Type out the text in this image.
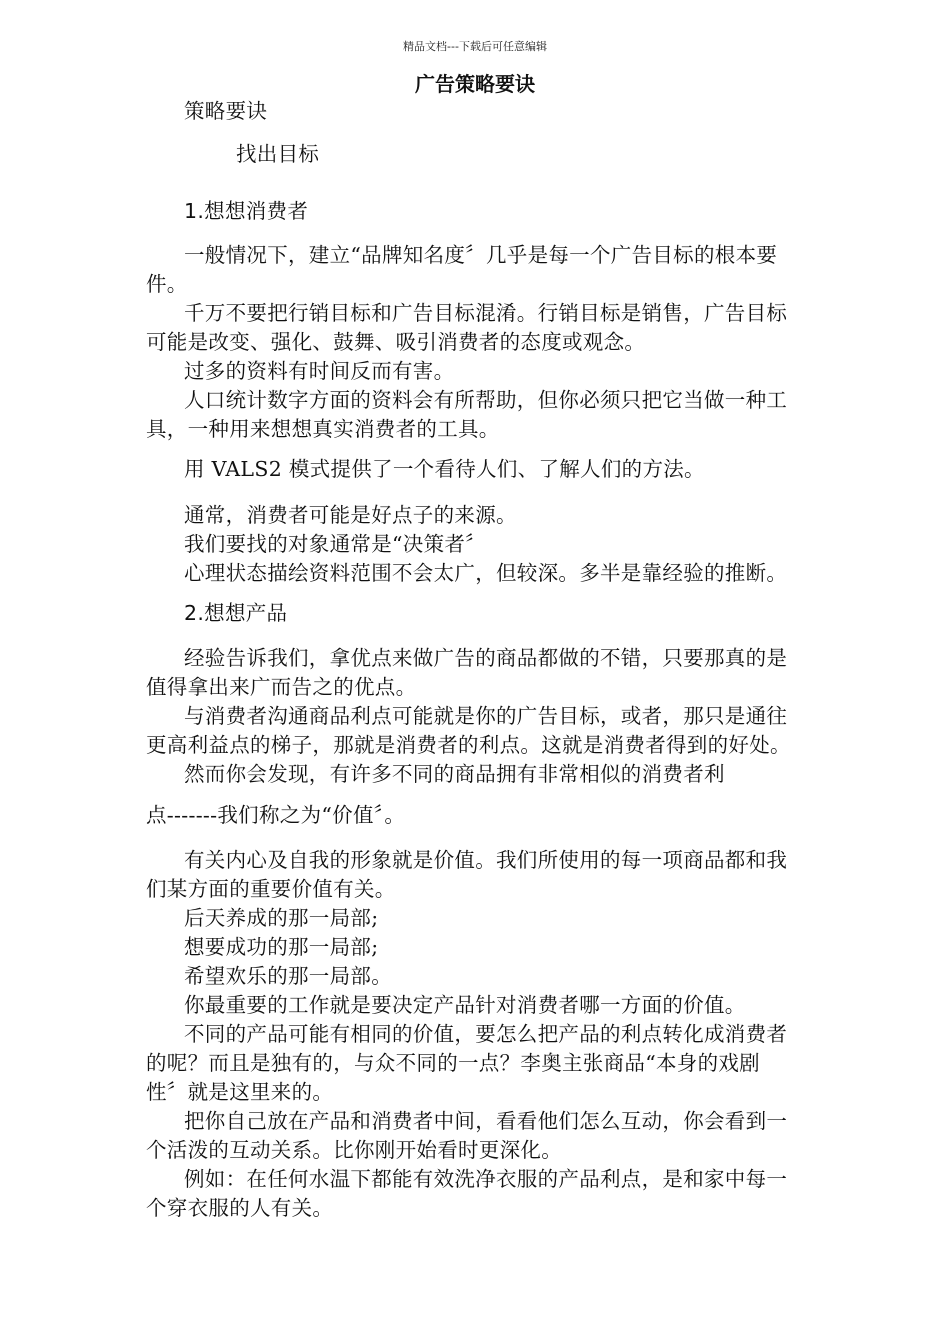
精品文档---下载后可任意编辑
广告策略要诀
策略要诀
找出目标
1.想想消费者
一般情况下，建立“品牌知名度〞几乎是每一个广告目标的根本要
件。
千万不要把行销目标和广告目标混淆。行销目标是销售，广告目标
可能是改变、强化、鼓舞、吸引消费者的态度或观念。
过多的资料有时间反而有害。
人口统计数字方面的资料会有所帮助，但你必须只把它当做一种工
具，一种用来想想真实消费者的工具。
用 VALS2 模式提供了一个看待人们、了解人们的方法。
通常，消费者可能是好点子的来源。
我们要找的对象通常是“决策者〞
心理状态描绘资料范围不会太广，但较深。多半是靠经验的推断。
2.想想产品
经验告诉我们，拿优点来做广告的商品都做的不错，只要那真的是
值得拿出来广而告之的优点。
与消费者沟通商品利点可能就是你的广告目标，或者，那只是通往
更高利益点的梯子，那就是消费者的利点。这就是消费者得到的好处。
然而你会发现，有许多不同的商品拥有非常相似的消费者利
点-------我们称之为“价值〞。
有关内心及自我的形象就是价值。我们所使用的每一项商品都和我
们某方面的重要价值有关。
后天养成的那一局部;
想要成功的那一局部;
希望欢乐的那一局部。
你最重要的工作就是要决定产品针对消费者哪一方面的价值。
不同的产品可能有相同的价值，要怎么把产品的利点转化成消费者
的呢？而且是独有的，与众不同的一点？李奥主张商品“本身的戏剧
性〞就是这里来的。
把你自己放在产品和消费者中间，看看他们怎么互动，你会看到一
个活泼的互动关系。比你刚开始看时更深化。
例如：在任何水温下都能有效洗净衣服的产品利点，是和家中每一
个穿衣服的人有关。
